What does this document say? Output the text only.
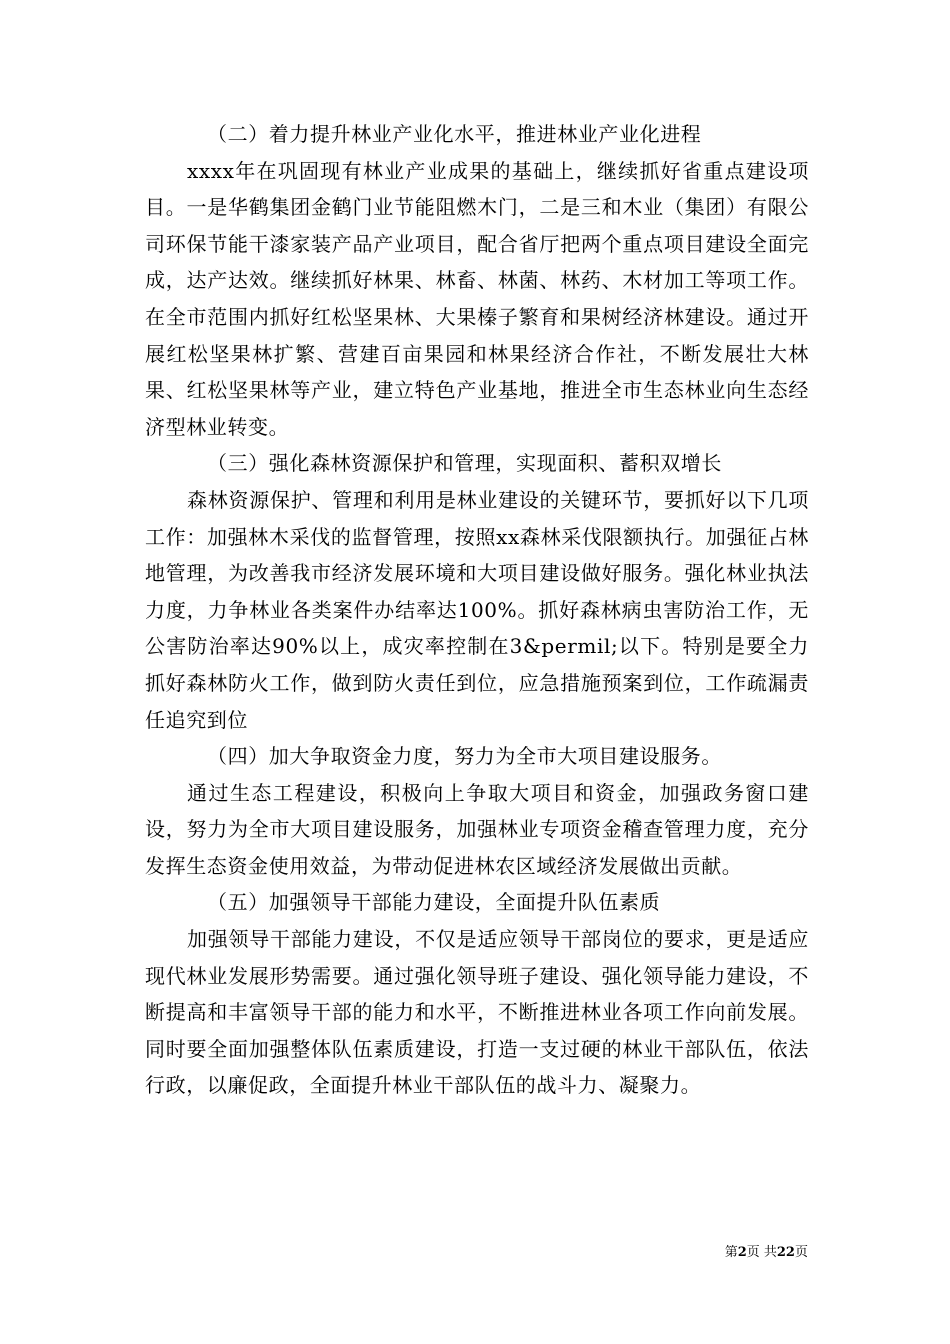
（二）着力提升林业产业化水平，推进林业产业化进程

xxxx年在巩固现有林业产业成果的基础上，继续抓好省重点建设项目。一是华鹤集团金鹤门业节能阻燃木门，二是三和木业（集团）有限公司环保节能干漆家装产品产业项目，配合省厅把两个重点项目建设全面完成，达产达效。继续抓好林果、林畜、林菌、林药、木材加工等项工作。在全市范围内抓好红松坚果林、大果榛子繁育和果树经济林建设。通过开展红松坚果林扩繁、营建百亩果园和林果经济合作社，不断发展壮大林果、红松坚果林等产业，建立特色产业基地，推进全市生态林业向生态经济型林业转变。

（三）强化森林资源保护和管理，实现面积、蓄积双增长

森林资源保护、管理和利用是林业建设的关键环节，要抓好以下几项工作：加强林木采伐的监督管理，按照xx森林采伐限额执行。加强征占林地管理，为改善我市经济发展环境和大项目建设做好服务。强化林业执法力度，力争林业各类案件办结率达100%。抓好森林病虫害防治工作，无公害防治率达90%以上，成灾率控制在3&permil;以下。特别是要全力抓好森林防火工作，做到防火责任到位，应急措施预案到位，工作疏漏责任追究到位

（四）加大争取资金力度，努力为全市大项目建设服务。

通过生态工程建设，积极向上争取大项目和资金，加强政务窗口建设，努力为全市大项目建设服务，加强林业专项资金稽查管理力度，充分发挥生态资金使用效益，为带动促进林农区域经济发展做出贡献。

（五）加强领导干部能力建设，全面提升队伍素质

加强领导干部能力建设，不仅是适应领导干部岗位的要求，更是适应现代林业发展形势需要。通过强化领导班子建设、强化领导能力建设，不断提高和丰富领导干部的能力和水平，不断推进林业各项工作向前发展。同时要全面加强整体队伍素质建设，打造一支过硬的林业干部队伍，依法行政，以廉促政，全面提升林业干部队伍的战斗力、凝聚力。

第2页 共22页
